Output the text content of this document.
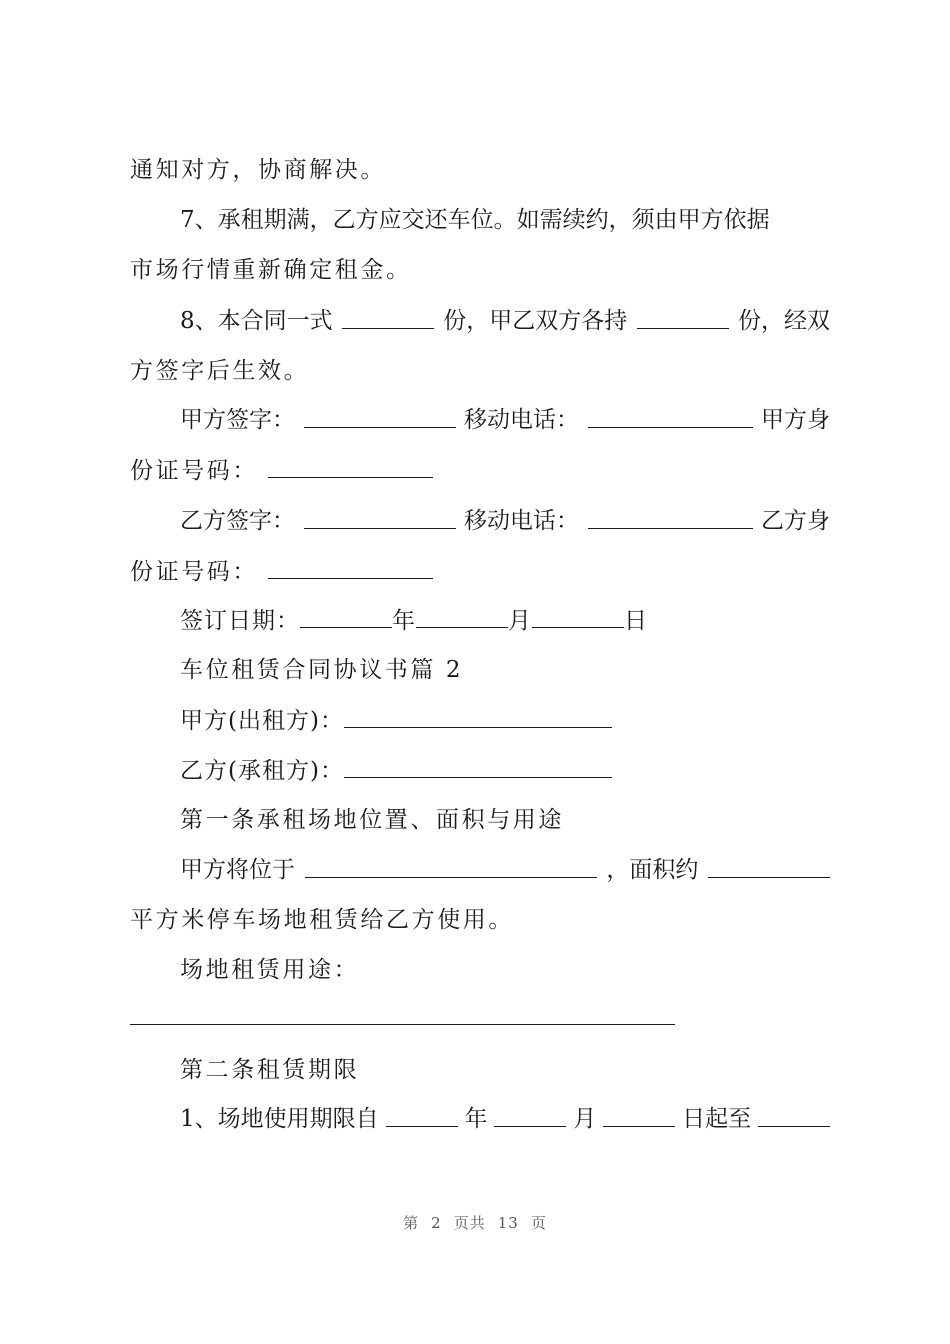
通知对方，协商解决。
7、承租期满，乙方应交还车位。如需续约，须由甲方依据
市场行情重新确定租金。
8、本合同一式	份，甲乙双方各持	份，经双
方签字后生效。
甲方签字：	移动电话：	甲方身
份证号码：
乙方签字：	移动电话：	乙方身
份证号码：
签订日期：	年	月	日
车位租赁合同协议书篇 2
甲方(出租方)：
乙方(承租方)：
第一条承租场地位置、面积与用途
甲方将位于	，面积约
平方米停车场地租赁给乙方使用。
场地租赁用途：
第二条租赁期限
1、场地使用期限自	年	月	日起至
第 2 页共 13 页
